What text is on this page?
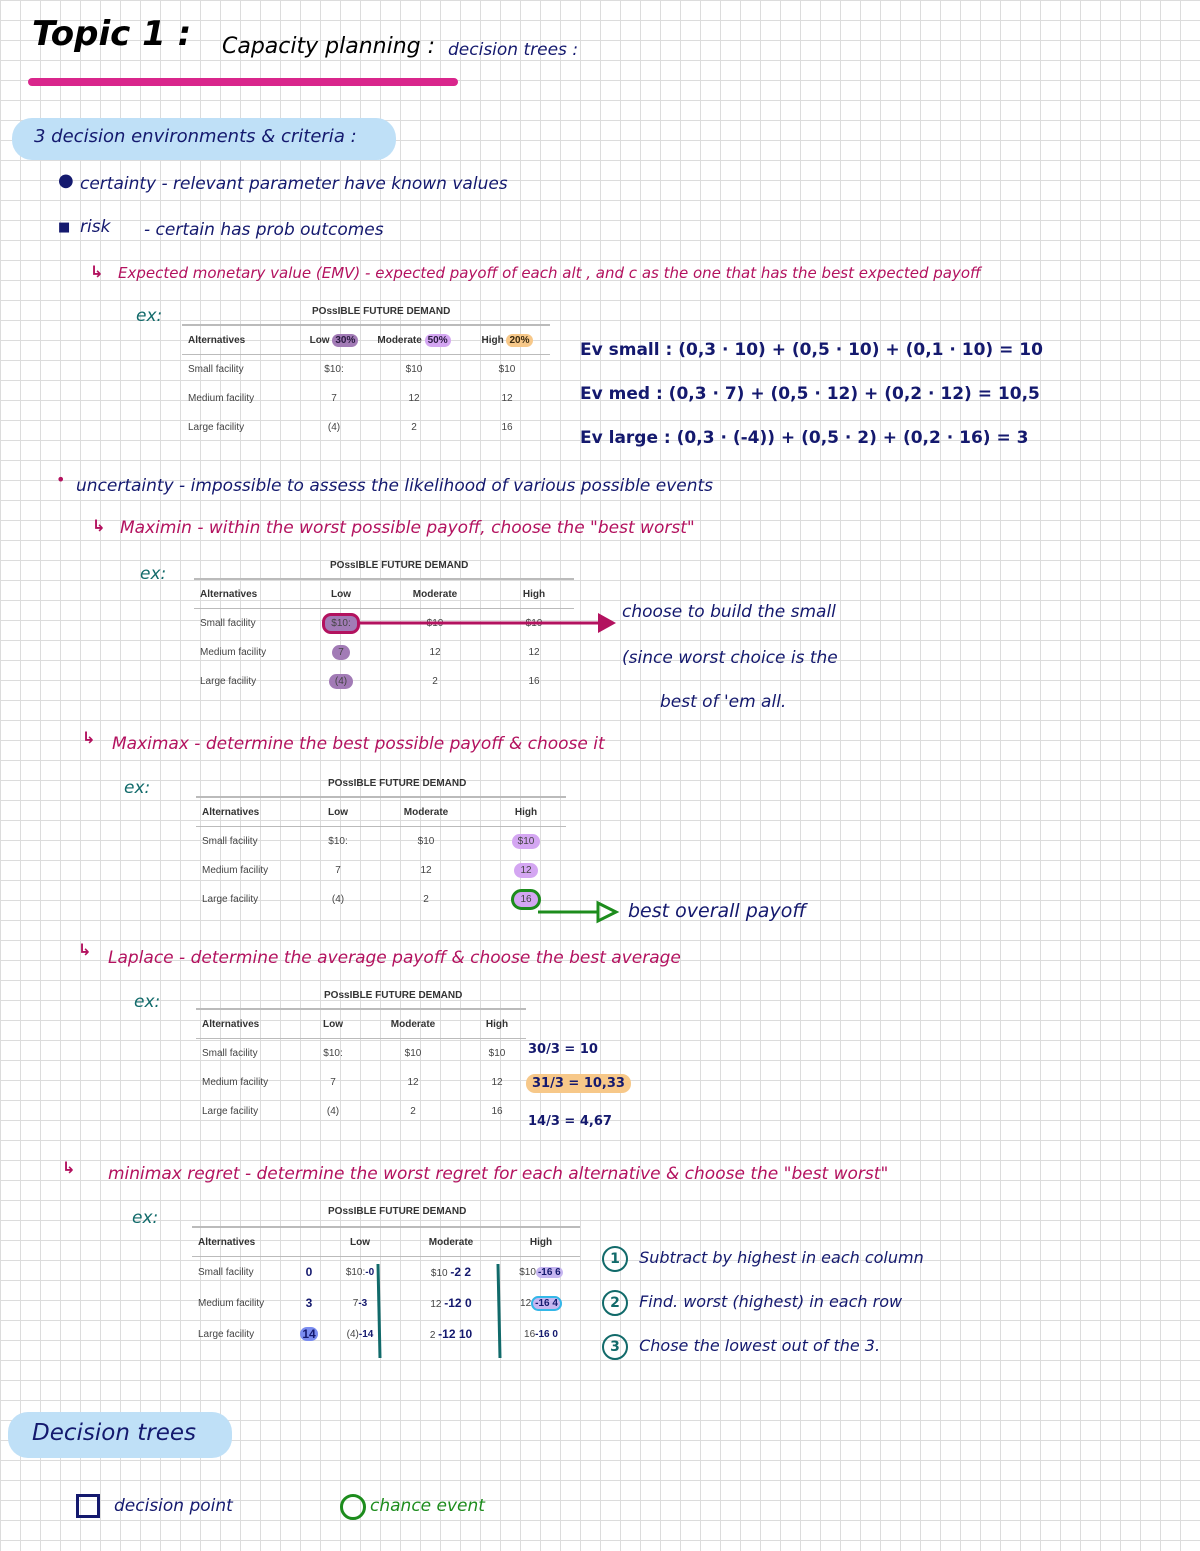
Topic 1 : Capacity planning : decision trees :
3 decision environments & criteria :
● certainty - relevant parameter have known values
■ risk - certain has prob outcomes
↳ Expected monetary value (EMV) - expected payoff of each alt , and c as the one that has the best expected payoff
ex:	POssIBLE FUTURE DEMAND
Alternatives	Low 30%	Moderate 50%	High 20%
Small facility	$10:	$10	$10
Medium facility	7	12	12
Large facility	(4)	2	16
Ev small : (0,3 · 10) + (0,5 · 10) + (0,1 · 10) = 10
Ev med : (0,3 · 7) + (0,5 · 12) + (0,2 · 12) = 10,5
Ev large : (0,3 · (-4)) + (0,5 · 2) + (0,2 · 16) = 3
• uncertainty - impossible to assess the likelihood of various possible events
↳ Maximin - within the worst possible payoff, choose the "best worst"
ex:	POssIBLE FUTURE DEMAND
Alternatives	Low	Moderate	High
Small facility	$10:	$10	$10
Medium facility	7	12	12
Large facility	(4)	2	16
choose to build the small
(since worst choice is the
best of 'em all.
↳ Maximax - determine the best possible payoff & choose it
ex:	POssIBLE FUTURE DEMAND
Alternatives	Low	Moderate	High
Small facility	$10:	$10	$10
Medium facility	7	12	12
Large facility	(4)	2	16
best overall payoff
↳ Laplace - determine the average payoff & choose the best average
ex:	POssIBLE FUTURE DEMAND
Alternatives	Low	Moderate	High
Small facility	$10:	$10	$10
Medium facility	7	12	12
Large facility	(4)	2	16
30/3 = 10
31/3 = 10,33
14/3 = 4,67
↳ minimax regret - determine the worst regret for each alternative & choose the "best worst"
ex:	POssIBLE FUTURE DEMAND
Alternatives		Low	Moderate	High
Small facility	0	$10:-0	$10 -2 2	$10 -16 6
Medium facility	3	7-3	12 -12 0	12 -16 4
Large facility	14	(4)-14	2 -12 10	16-16 0
1 Subtract by highest in each column
2 Find. worst (highest) in each row
3 Chose the lowest out of the 3.
Decision trees
decision point	chance event
